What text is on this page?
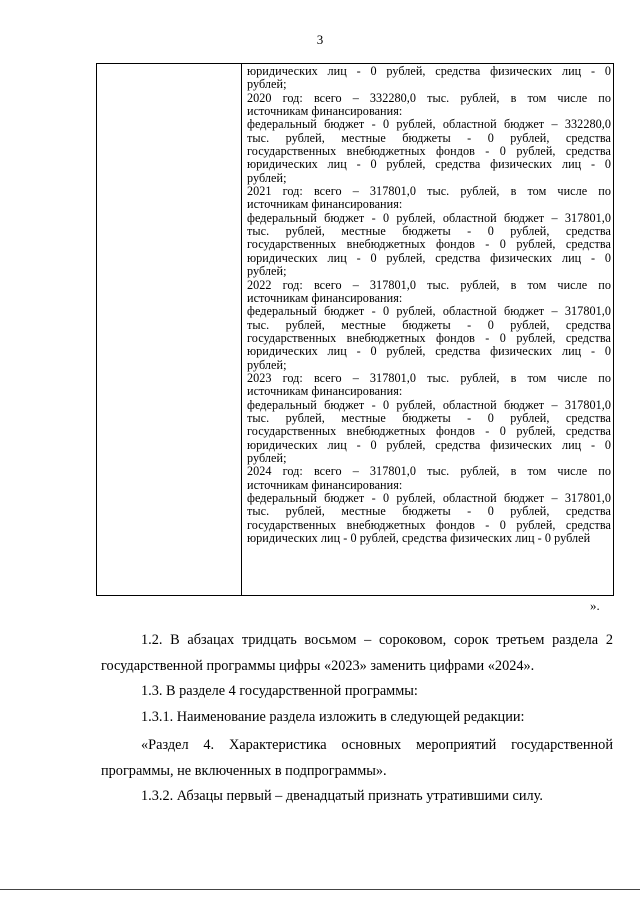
3
юридических лиц - 0 рублей, средства физических лиц - 0
рублей;
2020 год: всего – 332280,0 тыс. рублей, в том числе по
источникам финансирования:
федеральный бюджет - 0 рублей, областной бюджет – 332280,0
тыс. рублей, местные бюджеты - 0 рублей, средства
государственных внебюджетных фондов - 0 рублей, средства
юридических лиц - 0 рублей, средства физических лиц - 0
рублей;
2021 год: всего – 317801,0 тыс. рублей, в том числе по
источникам финансирования:
федеральный бюджет - 0 рублей, областной бюджет – 317801,0
тыс. рублей, местные бюджеты - 0 рублей, средства
государственных внебюджетных фондов - 0 рублей, средства
юридических лиц - 0 рублей, средства физических лиц - 0
рублей;
2022 год: всего – 317801,0 тыс. рублей, в том числе по
источникам финансирования:
федеральный бюджет - 0 рублей, областной бюджет – 317801,0
тыс. рублей, местные бюджеты - 0 рублей, средства
государственных внебюджетных фондов - 0 рублей, средства
юридических лиц - 0 рублей, средства физических лиц - 0
рублей;
2023 год: всего – 317801,0 тыс. рублей, в том числе по
источникам финансирования:
федеральный бюджет - 0 рублей, областной бюджет – 317801,0
тыс. рублей, местные бюджеты - 0 рублей, средства
государственных внебюджетных фондов - 0 рублей, средства
юридических лиц - 0 рублей, средства физических лиц - 0
рублей;
2024 год: всего – 317801,0 тыс. рублей, в том числе по
источникам финансирования:
федеральный бюджет - 0 рублей, областной бюджет – 317801,0
тыс. рублей, местные бюджеты - 0 рублей, средства
государственных внебюджетных фондов - 0 рублей, средства
юридических лиц - 0 рублей, средства физических лиц - 0 рублей
».
1.2. В абзацах тридцать восьмом – сороковом, сорок третьем раздела 2
государственной программы цифры «2023» заменить цифрами «2024».
1.3. В разделе 4 государственной программы:
1.3.1. Наименование раздела изложить в следующей редакции:
«Раздел 4. Характеристика основных мероприятий государственной
программы, не включенных в подпрограммы».
1.3.2. Абзацы первый – двенадцатый признать утратившими силу.
